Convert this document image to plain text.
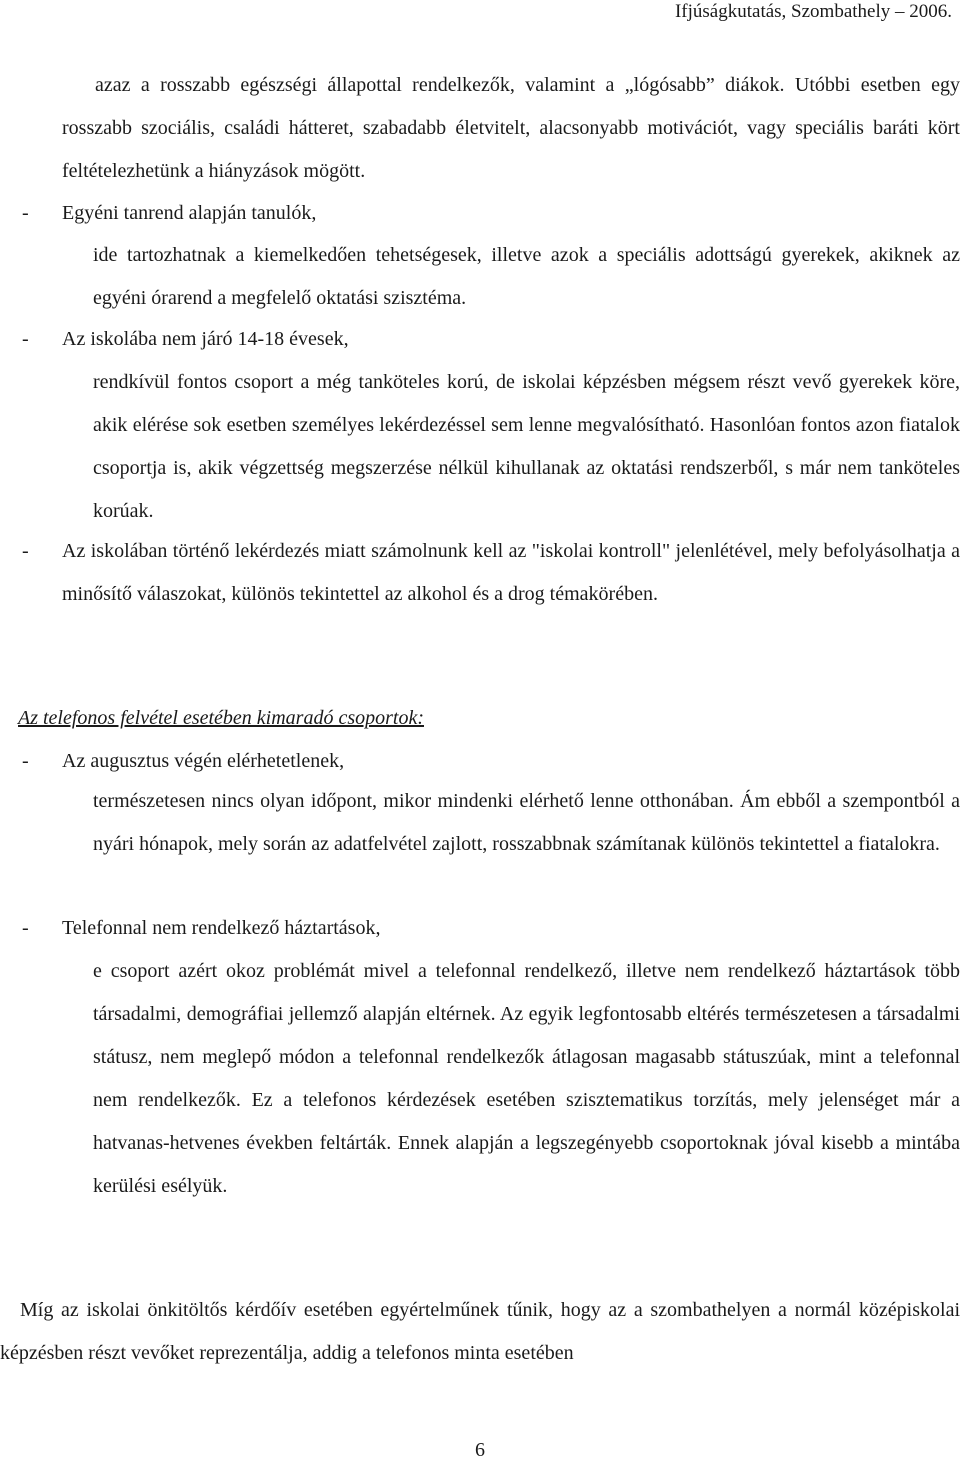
Ifjúságkutatás, Szombathely – 2006.
azaz a rosszabb egészségi állapottal rendelkezők, valamint a „lógósabb” diákok. Utóbbi esetben egy rosszabb szociális, családi hátteret, szabadabb életvitelt, alacsonyabb motivációt, vagy speciális baráti kört feltételezhetünk a hiányzások mögött.
-	Egyéni tanrend alapján tanulók,
ide tartozhatnak a kiemelkedően tehetségesek, illetve azok a speciális adottságú gyerekek, akiknek az egyéni órarend a megfelelő oktatási szisztéma.
-	Az iskolába nem járó 14-18 évesek,
rendkívül fontos csoport a még tanköteles korú, de iskolai képzésben mégsem részt vevő gyerekek köre, akik elérése sok esetben személyes lekérdezéssel sem lenne megvalósítható. Hasonlóan fontos azon fiatalok csoportja is, akik végzettség megszerzése nélkül kihullanak az oktatási rendszerből, s már nem tanköteles korúak.
-	Az iskolában történő lekérdezés miatt számolnunk kell az "iskolai kontroll" jelenlétével, mely befolyásolhatja a minősítő válaszokat, különös tekintettel az alkohol és a drog témakörében.
Az telefonos felvétel esetében kimaradó csoportok:
-	Az augusztus végén elérhetetlenek,
természetesen nincs olyan időpont, mikor mindenki elérhető lenne otthonában. Ám ebből a szempontból a nyári hónapok, mely során az adatfelvétel zajlott, rosszabbnak számítanak különös tekintettel a fiatalokra.
-	Telefonnal nem rendelkező háztartások,
e csoport azért okoz problémát mivel a telefonnal rendelkező, illetve nem rendelkező háztartások több társadalmi, demográfiai jellemző alapján eltérnek. Az egyik legfontosabb eltérés természetesen a társadalmi státusz, nem meglepő módon a telefonnal rendelkezők átlagosan magasabb státuszúak, mint a telefonnal nem rendelkezők. Ez a telefonos kérdezések esetében szisztematikus torzítás, mely jelenséget már a hatvanas-hetvenes években feltárták. Ennek alapján a legszegényebb csoportoknak jóval kisebb a mintába kerülési esélyük.
Míg az iskolai önkitöltős kérdőív esetében egyértelműnek tűnik, hogy az a szombathelyen a normál középiskolai képzésben részt vevőket reprezentálja, addig a telefonos minta esetében
6
